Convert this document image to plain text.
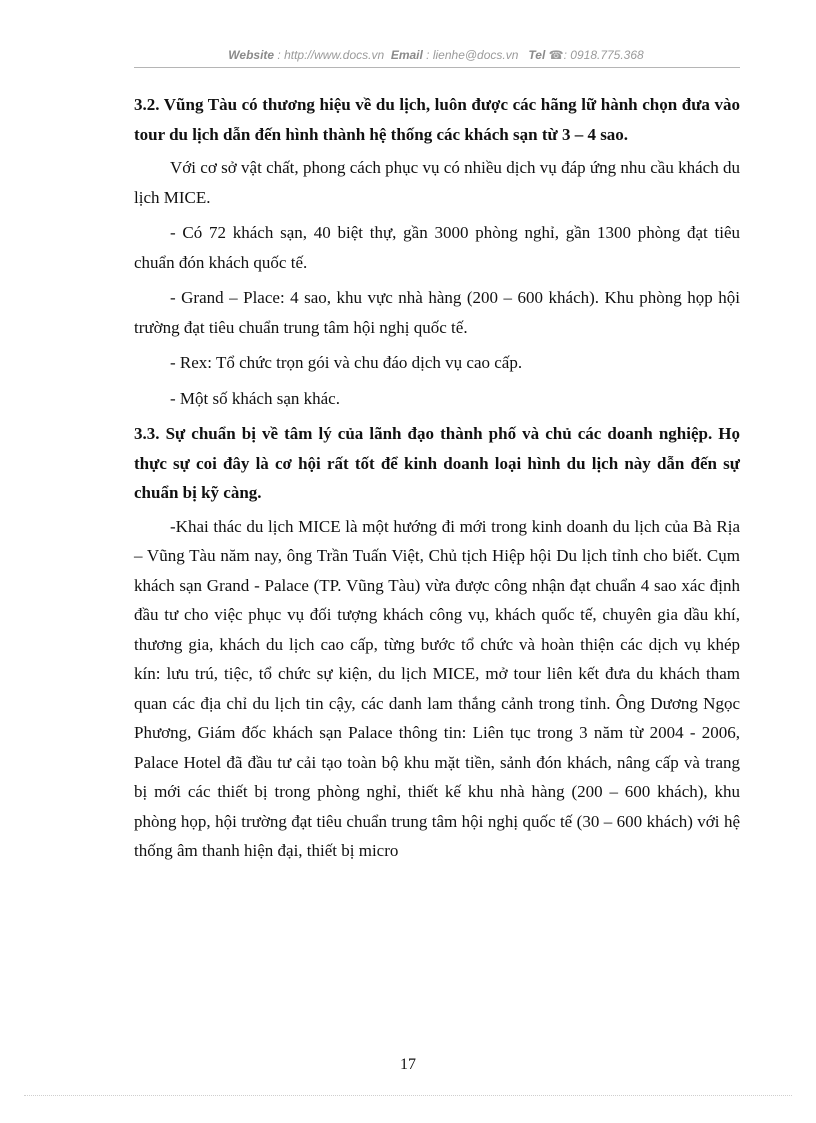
Website : http://www.docs.vn Email : lienhe@docs.vn Tel ☎: 0918.775.368

3.2. Vũng Tàu có thương hiệu về du lịch, luôn được các hãng lữ hành chọn đưa vào tour du lịch dẫn đến hình thành hệ thống các khách sạn từ 3 – 4 sao.

Với cơ sở vật chất, phong cách phục vụ có nhiều dịch vụ đáp ứng nhu cầu khách du lịch MICE.

- Có 72 khách sạn, 40 biệt thự, gần 3000 phòng nghỉ, gần 1300 phòng đạt tiêu chuẩn đón khách quốc tế.

- Grand – Place: 4 sao, khu vực nhà hàng (200 – 600 khách). Khu phòng họp hội trường đạt tiêu chuẩn trung tâm hội nghị quốc tế.

- Rex: Tổ chức trọn gói và chu đáo dịch vụ cao cấp.

- Một số khách sạn khác.

3.3. Sự chuẩn bị về tâm lý của lãnh đạo thành phố và chủ các doanh nghiệp. Họ thực sự coi đây là cơ hội rất tốt để kinh doanh loại hình du lịch này dẫn đến sự chuẩn bị kỹ càng.

-Khai thác du lịch MICE là một hướng đi mới trong kinh doanh du lịch của Bà Rịa – Vũng Tàu năm nay, ông Trần Tuấn Việt, Chủ tịch Hiệp hội Du lịch tỉnh cho biết. Cụm khách sạn Grand - Palace (TP. Vũng Tàu) vừa được công nhận đạt chuẩn 4 sao xác định đầu tư cho việc phục vụ đối tượng khách công vụ, khách quốc tế, chuyên gia dầu khí, thương gia, khách du lịch cao cấp, từng bước tổ chức và hoàn thiện các dịch vụ khép kín: lưu trú, tiệc, tổ chức sự kiện, du lịch MICE, mở tour liên kết đưa du khách tham quan các địa chỉ du lịch tin cậy, các danh lam thắng cảnh trong tỉnh. Ông Dương Ngọc Phương, Giám đốc khách sạn Palace thông tin: Liên tục trong 3 năm từ 2004 - 2006, Palace Hotel đã đầu tư cải tạo toàn bộ khu mặt tiền, sảnh đón khách, nâng cấp và trang bị mới các thiết bị trong phòng nghỉ, thiết kế khu nhà hàng (200 – 600 khách), khu phòng họp, hội trường đạt tiêu chuẩn trung tâm hội nghị quốc tế (30 – 600 khách) với hệ thống âm thanh hiện đại, thiết bị micro

17
